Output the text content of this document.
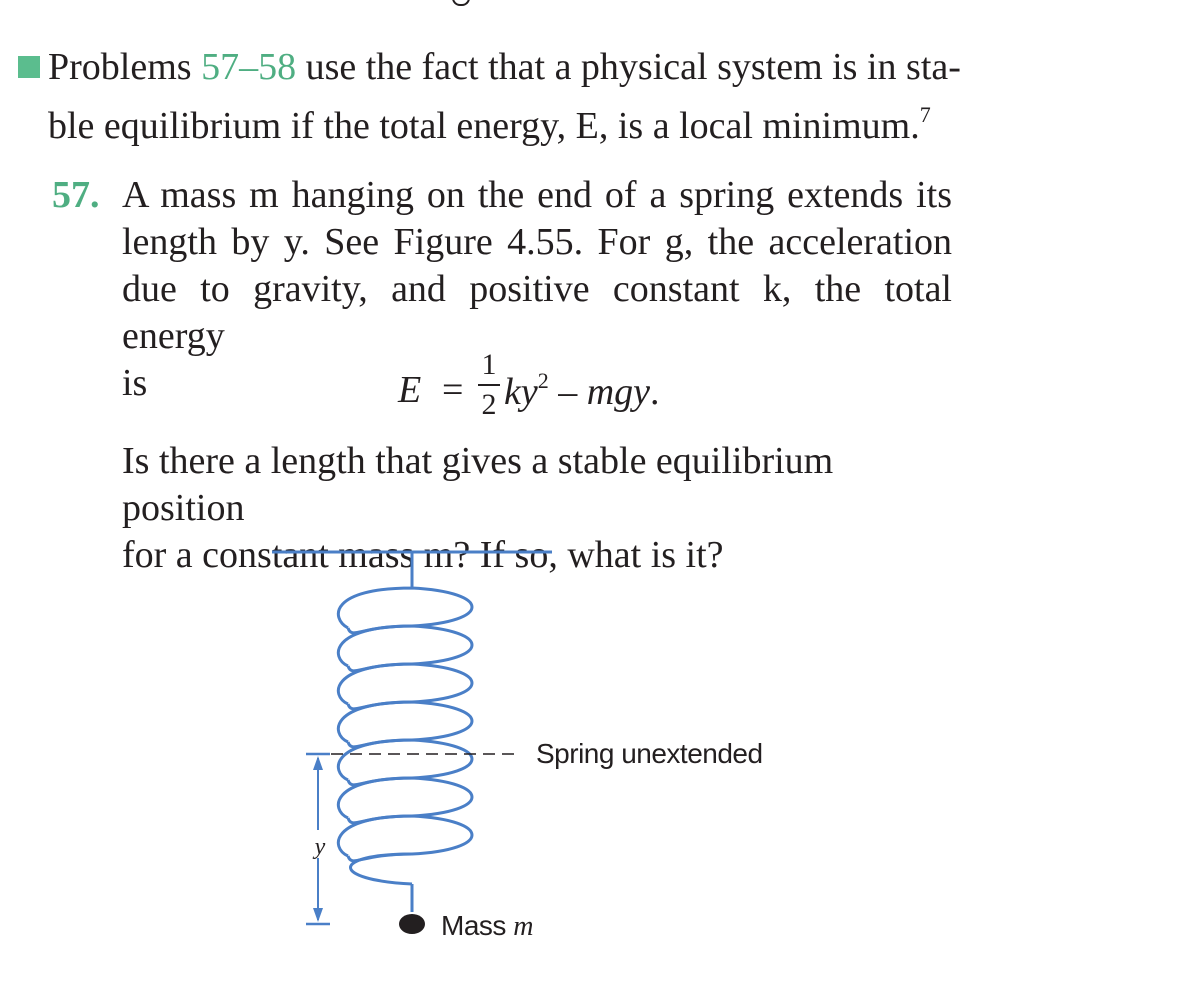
Problems 57–58 use the fact that a physical system is in sta-
ble equilibrium if the total energy, E, is a local minimum.$^7$
57. A mass m hanging on the end of a spring extends its
length by y. See Figure 4.55. For g, the acceleration
due to gravity, and positive constant k, the total energy
is	E =
1
2 $ky^2$ – mgy.
Is there a length that gives a stable equilibrium position
for a constant mass m? If so, what is it?
y
Spring unextended
Mass m
